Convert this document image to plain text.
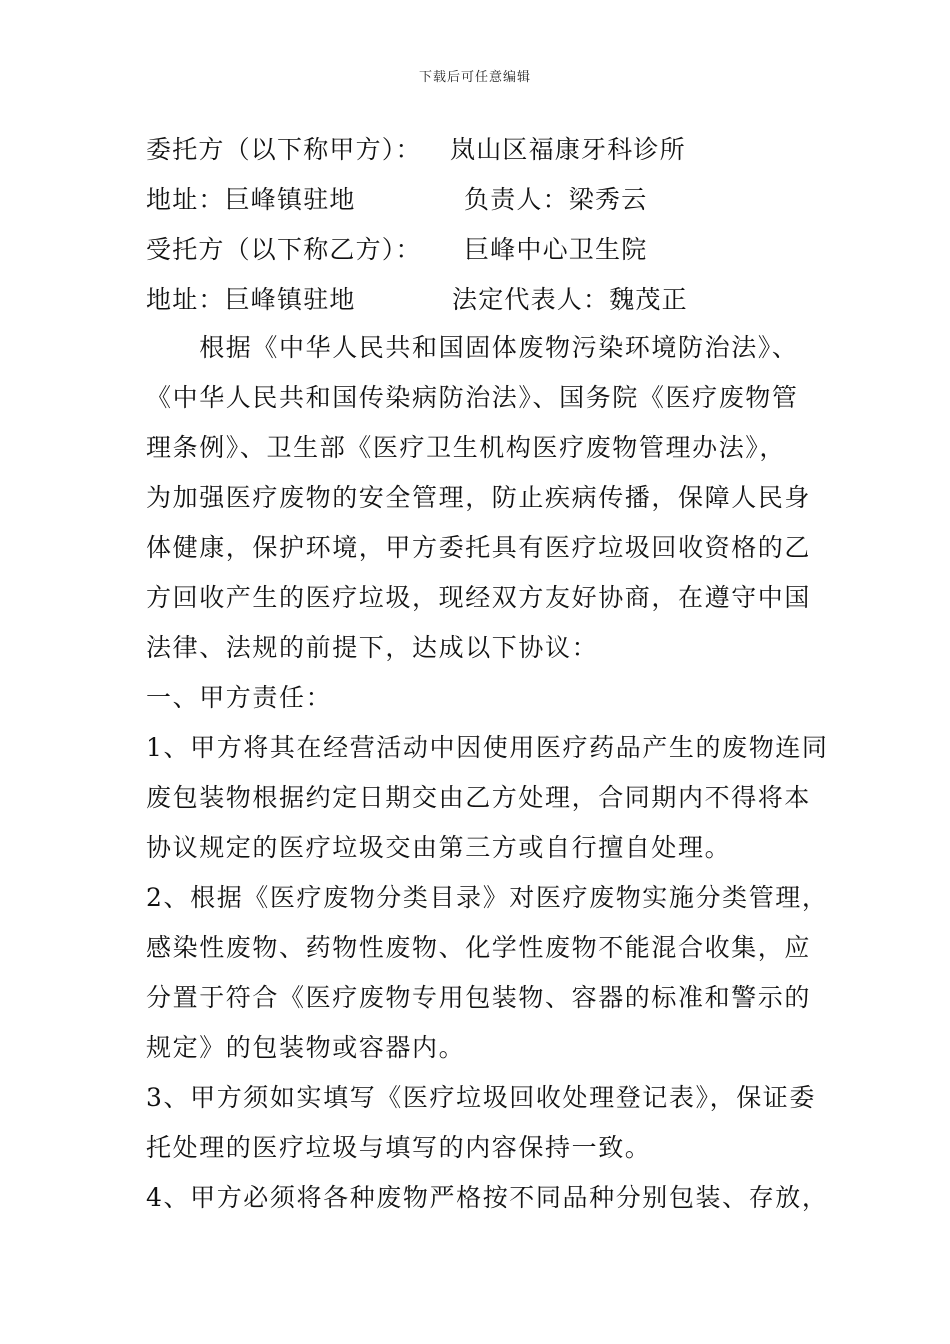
下载后可任意编辑
委托方（以下称甲方）： 岚山区福康牙科诊所
地址：巨峰镇驻地	负责人：梁秀云
受托方（以下称乙方）： 巨峰中心卫生院
地址：巨峰镇驻地	法定代表人：魏茂正
　　根据《中华人民共和国固体废物污染环境防治法》、
《中华人民共和国传染病防治法》、国务院《医疗废物管
理条例》、卫生部《医疗卫生机构医疗废物管理办法》，
为加强医疗废物的安全管理，防止疾病传播，保障人民身
体健康，保护环境，甲方委托具有医疗垃圾回收资格的乙
方回收产生的医疗垃圾，现经双方友好协商，在遵守中国
法律、法规的前提下，达成以下协议：
一、甲方责任：
1、甲方将其在经营活动中因使用医疗药品产生的废物连同
废包装物根据约定日期交由乙方处理，合同期内不得将本
协议规定的医疗垃圾交由第三方或自行擅自处理。
2、根据《医疗废物分类目录》对医疗废物实施分类管理，
感染性废物、药物性废物、化学性废物不能混合收集，应
分置于符合《医疗废物专用包装物、容器的标准和警示的
规定》的包装物或容器内。
3、甲方须如实填写《医疗垃圾回收处理登记表》，保证委
托处理的医疗垃圾与填写的内容保持一致。
4、甲方必须将各种废物严格按不同品种分别包装、存放，
